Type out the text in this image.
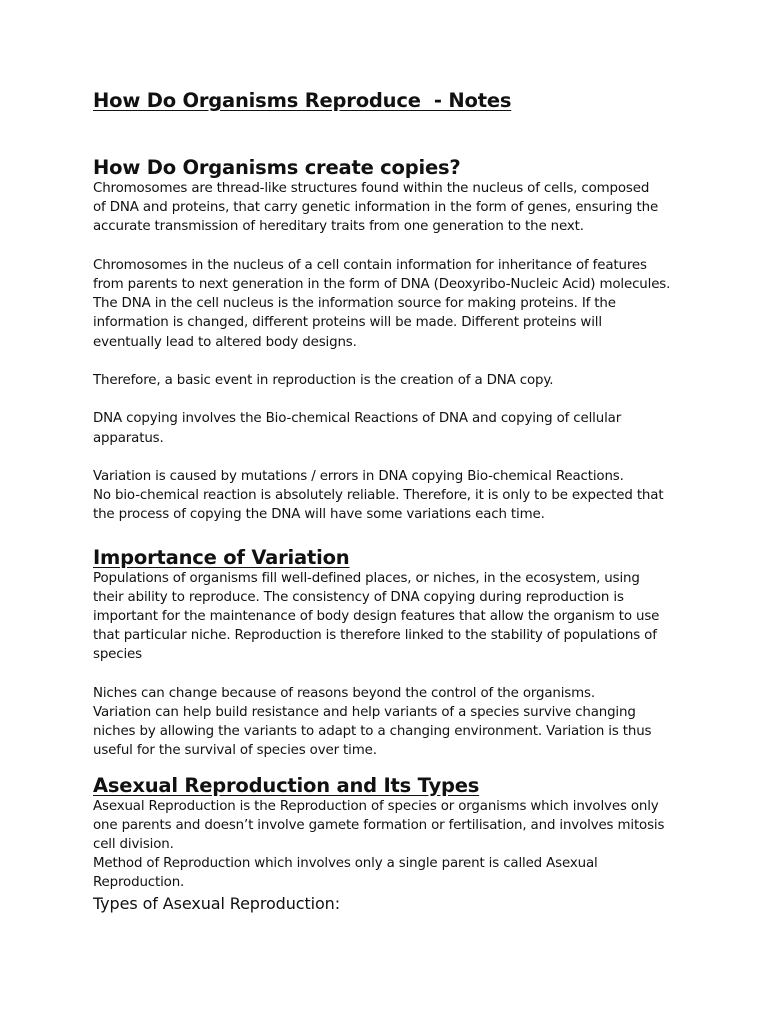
How Do Organisms Reproduce  - Notes
How Do Organisms create copies?

Chromosomes are thread-like structures found within the nucleus of cells, composed

of DNA and proteins, that carry genetic information in the form of genes, ensuring the

accurate transmission of hereditary traits from one generation to the next.

Chromosomes in the nucleus of a cell contain information for inheritance of features

from parents to next generation in the form of DNA (Deoxyribo-Nucleic Acid) molecules.

The DNA in the cell nucleus is the information source for making proteins. If the

information is changed, different proteins will be made. Different proteins will

eventually lead to altered body designs.

Therefore, a basic event in reproduction is the creation of a DNA copy.

DNA copying involves the Bio-chemical Reactions of DNA and copying of cellular

apparatus.

Variation is caused by mutations / errors in DNA copying Bio-chemical Reactions.

No bio-chemical reaction is absolutely reliable. Therefore, it is only to be expected that

the process of copying the DNA will have some variations each time.

Importance of Variation

Populations of organisms fill well-defined places, or niches, in the ecosystem, using

their ability to reproduce. The consistency of DNA copying during reproduction is

important for the maintenance of body design features that allow the organism to use

that particular niche. Reproduction is therefore linked to the stability of populations of

species

Niches can change because of reasons beyond the control of the organisms.

Variation can help build resistance and help variants of a species survive changing

niches by allowing the variants to adapt to a changing environment. Variation is thus

useful for the survival of species over time.

Asexual Reproduction and Its Types

Asexual Reproduction is the Reproduction of species or organisms which involves only

one parents and doesn’t involve gamete formation or fertilisation, and involves mitosis

cell division.

Method of Reproduction which involves only a single parent is called Asexual

Reproduction.

Types of Asexual Reproduction:
